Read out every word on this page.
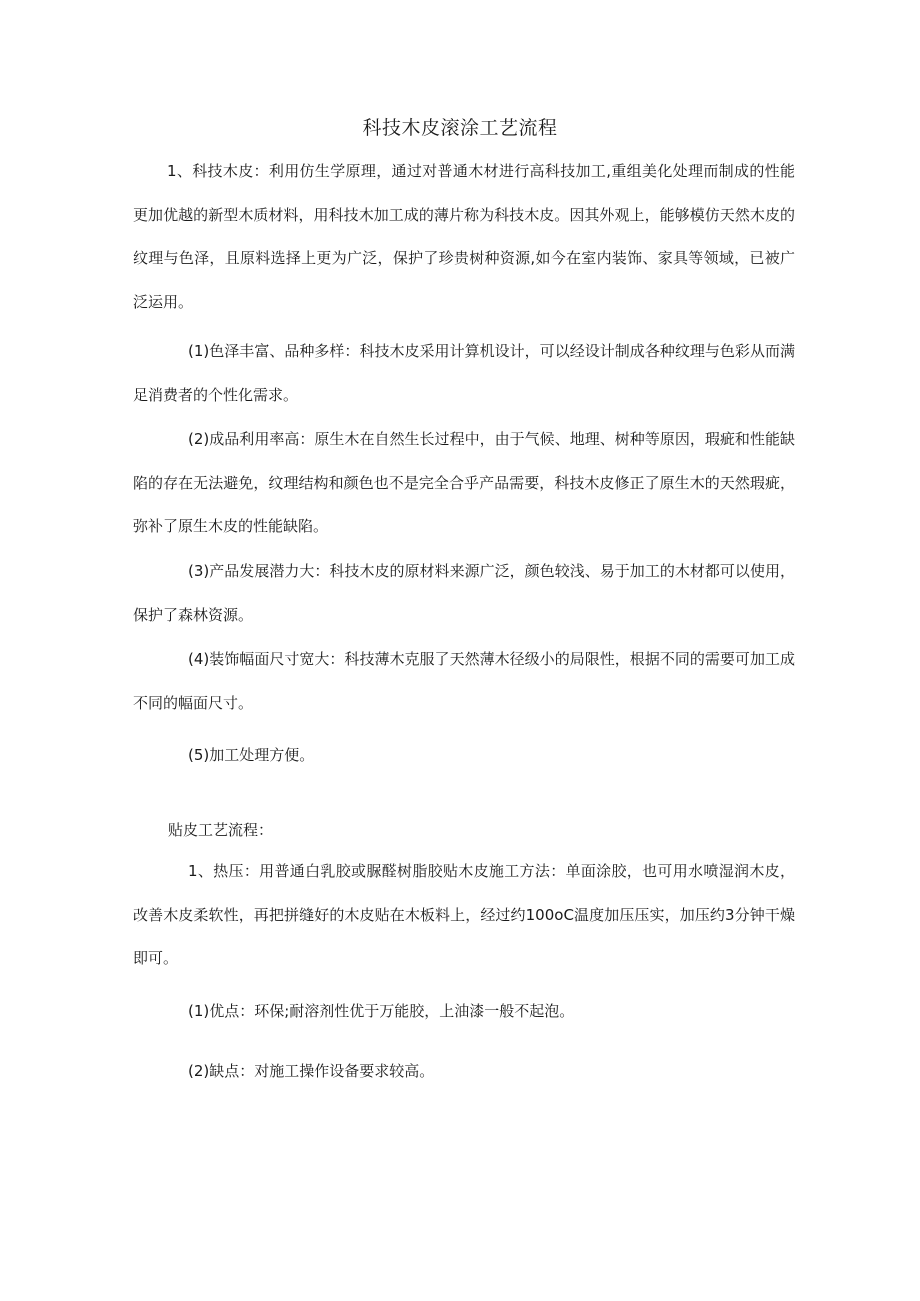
科技木皮滚涂工艺流程

1、科技木皮：利用仿生学原理，通过对普通木材进行高科技加工,重组美化处理而制成的性能更加优越的新型木质材料，用科技木加工成的薄片称为科技木皮。因其外观上，能够模仿天然木皮的纹理与色泽，且原料选择上更为广泛，保护了珍贵树种资源,如今在室内装饰、家具等领域，已被广泛运用。

(1)色泽丰富、品种多样：科技木皮采用计算机设计，可以经设计制成各种纹理与色彩从而满足消费者的个性化需求。

(2)成品利用率高：原生木在自然生长过程中，由于气候、地理、树种等原因，瑕疵和性能缺陷的存在无法避免，纹理结构和颜色也不是完全合乎产品需要，科技木皮修正了原生木的天然瑕疵，弥补了原生木皮的性能缺陷。

(3)产品发展潜力大：科技木皮的原材料来源广泛，颜色较浅、易于加工的木材都可以使用，保护了森林资源。

(4)装饰幅面尺寸宽大：科技薄木克服了天然薄木径级小的局限性，根据不同的需要可加工成不同的幅面尺寸。

(5)加工处理方便。

贴皮工艺流程：

1、热压：用普通白乳胶或脲醛树脂胶贴木皮施工方法：单面涂胶，也可用水喷湿润木皮，改善木皮柔软性，再把拼缝好的木皮贴在木板料上，经过约100oC温度加压压实，加压约3分钟干燥即可。

(1)优点：环保;耐溶剂性优于万能胶，上油漆一般不起泡。

(2)缺点：对施工操作设备要求较高。
